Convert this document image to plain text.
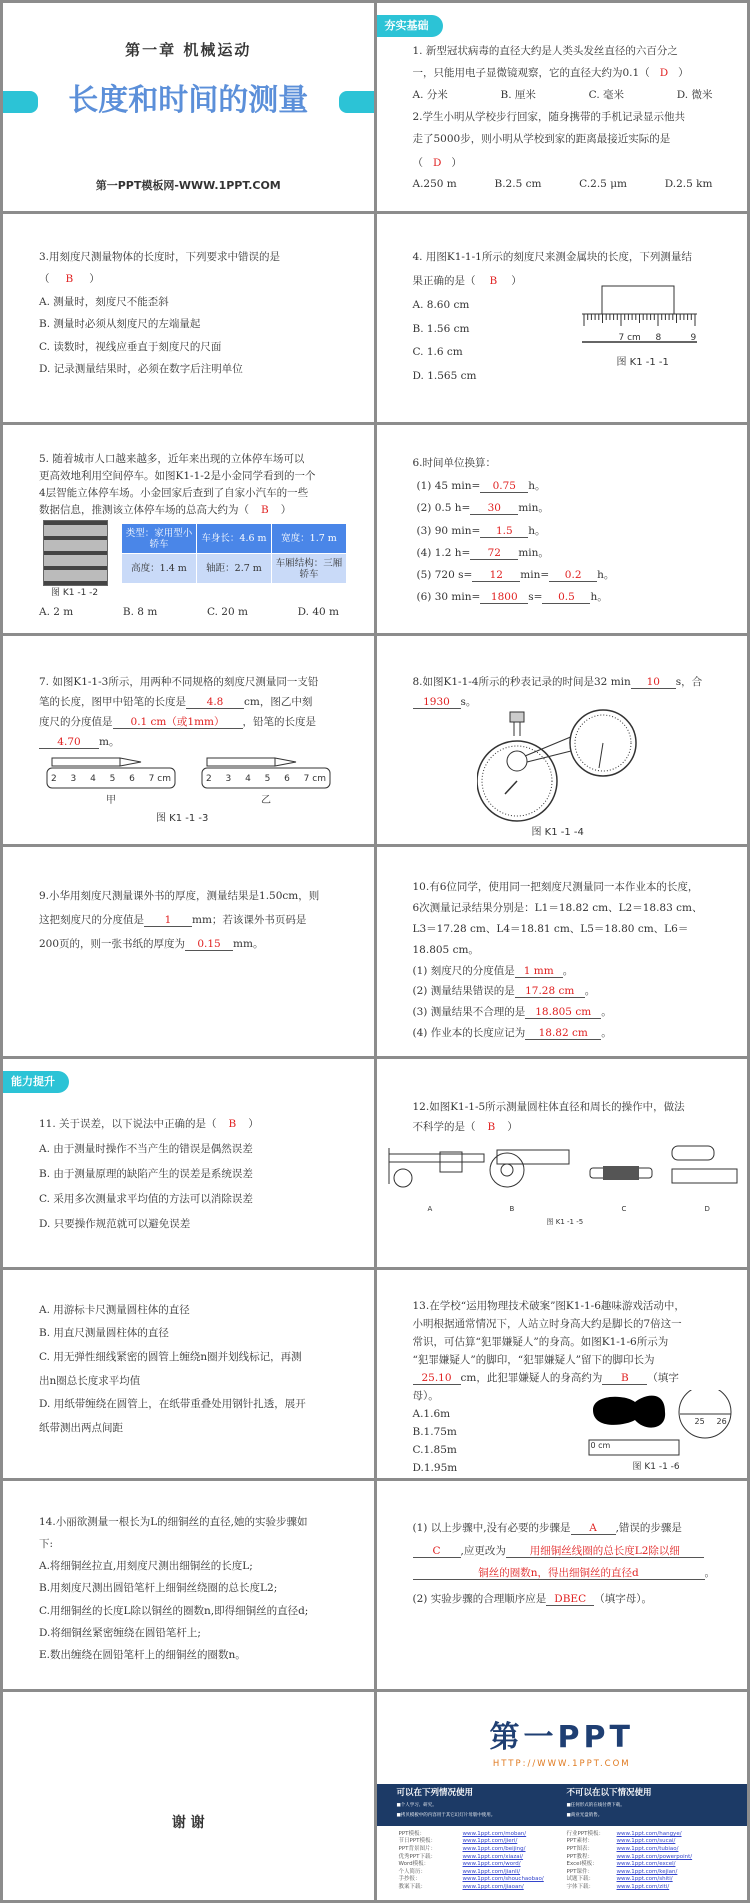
第一章 机械运动
长度和时间的测量
第一PPT模板网-WWW.1PPT.COM
夯实基础
1. 新型冠状病毒的直径大约是人类头发丝直径的六百分之
一，只能用电子显微镜观察，它的直径大约为0.1（ D ）
A. 分米	B. 厘米	C. 毫米	D. 微米
2.学生小明从学校步行回家，随身携带的手机记录显示他共
走了5000步，则小明从学校到家的距离最接近实际的是
（ D ）
A.250 m	B.2.5 cm	C.2.5 μm	D.2.5 km
3.用刻度尺测量物体的长度时，下列要求中错误的是
（ B ）
A. 测量时，刻度尺不能歪斜
B. 测量时必须从刻度尺的左端量起
C. 读数时，视线应垂直于刻度尺的尺面
D. 记录测量结果时，必须在数字后注明单位
4. 用图K1-1-1所示的刻度尺来测金属块的长度，下列测量结
果正确的是（ B ）
A. 8.60 cm
B. 1.56 cm
C. 1.6 cm
D. 1.565 cm
7 cm 8	9
图 K1 -1 -1
5. 随着城市人口越来越多，近年来出现的立体停车场可以
更高效地利用空间停车。如图K1-1-2是小金同学看到的一个
4层智能立体停车场。小金回家后查到了自家小汽车的一些
数据信息，推测该立体停车场的总高大约为（ B ）
图 K1 -1 -2
类型：家用型小轿车	车身长：4.6 m	宽度：1.7 m
高度：1.4 m	轴距：2.7 m	车厢结构：三厢轿车
A. 2 m	B. 8 m	C. 20 m	D. 40 m
6.时间单位换算：
(1) 45 min= 0.75 h。
(2) 0.5 h= 30 min。
(3) 90 min= 1.5 h。
(4) 1.2 h= 72 min。
(5) 720 s= 12 min= 0.2 h。
(6) 30 min= 1800 s= 0.5 h。
7. 如图K1-1-3所示，用两种不同规格的刻度尺测量同一支铅
笔的长度，图甲中铅笔的长度是 4.8 cm，图乙中刻
度尺的分度值是 0.1 cm（或1mm） ，铅笔的长度是
4.70 m。
2 3 4 5 6 7 cm	2 3 4 5 6 7 cm
甲	乙
图 K1 -1 -3
8.如图K1-1-4所示的秒表记录的时间是32 min 10 s，合
1930 s。
图 K1 -1 -4
9.小华用刻度尺测量课外书的厚度，测量结果是1.50cm，则
这把刻度尺的分度值是 1 mm；若该课外书页码是
200页的，则一张书纸的厚度为 0.15 mm。
10.有6位同学，使用同一把刻度尺测量同一本作业本的长度，
6次测量记录结果分别是：L1＝18.82 cm、L2＝18.83 cm、
L3＝17.28 cm、L4＝18.81 cm、L5＝18.80 cm、L6＝
18.805 cm。
(1) 刻度尺的分度值是 1 mm 。
(2) 测量结果错误的是 17.28 cm 。
(3) 测量结果不合理的是 18.805 cm 。
(4) 作业本的长度应记为 18.82 cm 。
能力提升
11. 关于误差，以下说法中正确的是（ B ）
A. 由于测量时操作不当产生的错误是偶然误差
B. 由于测量原理的缺陷产生的误差是系统误差
C. 采用多次测量求平均值的方法可以消除误差
D. 只要操作规范就可以避免误差
12.如图K1-1-5所示测量圆柱体直径和周长的操作中，做法
不科学的是（ B ）
A	B	C	D
图 K1 -1 -5
A. 用游标卡尺测量圆柱体的直径
B. 用直尺测量圆柱体的直径
C. 用无弹性细线紧密的圆管上缠绕n圈并划线标记，再测
出n圈总长度求平均值
D. 用纸带缠绕在圆管上，在纸带重叠处用钢针扎透，展开
纸带测出两点间距
13.在学校“运用物理技术破案”图K1-1-6趣味游戏活动中，
小明根据通常情况下，人站立时身高大约是脚长的7倍这一
常识，可估算“犯罪嫌疑人”的身高。如图K1-1-6所示为
“犯罪嫌疑人”的脚印，“犯罪嫌疑人”留下的脚印长为
25.10 cm，此犯罪嫌疑人的身高约为 B （填字
母）。
A.1.6m
B.1.75m
C.1.85m
D.1.95m
25 26
0 cm
图 K1 -1 -6
14.小丽欲测量一根长为L的细铜丝的直径,她的实验步骤如
下:
A.将细铜丝拉直,用刻度尺测出细铜丝的长度L;
B.用刻度尺测出圆铅笔杆上细铜丝绕圈的总长度L2;
C.用细铜丝的长度L除以铜丝的圈数n,即得细铜丝的直径d;
D.将细铜丝紧密缠绕在圆铅笔杆上;
E.数出缠绕在圆铅笔杆上的细铜丝的圈数n。
(1) 以上步骤中,没有必要的步骤是 A ,错误的步骤是
C ,应更改为 用细铜丝线圈的总长度L2除以细
铜丝的圈数n，得出细铜丝的直径d	。
(2) 实验步骤的合理顺序应是 DBEC （填字母）。
谢 谢
第一PPT
HTTP://WWW.1PPT.COM
可以在下列情况使用
■个人学习、研究。
■拷贝模板中的内容用于其它幻灯片母版中使用。
不可以在以下情况使用
■任何形式的在线付费下载。
■商业光盘销售。
PPT模板：	www.1ppt.com/moban/
节日PPT模板：	www.1ppt.com/jieri/
PPT背景图片：	www.1ppt.com/beijing/
优秀PPT下载：	www.1ppt.com/xiazai/
Word模板：	www.1ppt.com/word/
个人简历：	www.1ppt.com/jianli/
手抄报：	www.1ppt.com/shouchaobao/
教案下载：	www.1ppt.com/jiaoan/
行业PPT模板： www.1ppt.com/hangye/
PPT素材：	www.1ppt.com/sucai/
PPT图表：	www.1ppt.com/tubiao/
PPT教程：	www.1ppt.com/powerpoint/
Excel模板：	www.1ppt.com/excel/
PPT课件：	www.1ppt.com/kejian/
试题下载：	www.1ppt.com/shiti/
字体下载：	www.1ppt.com/ziti/
